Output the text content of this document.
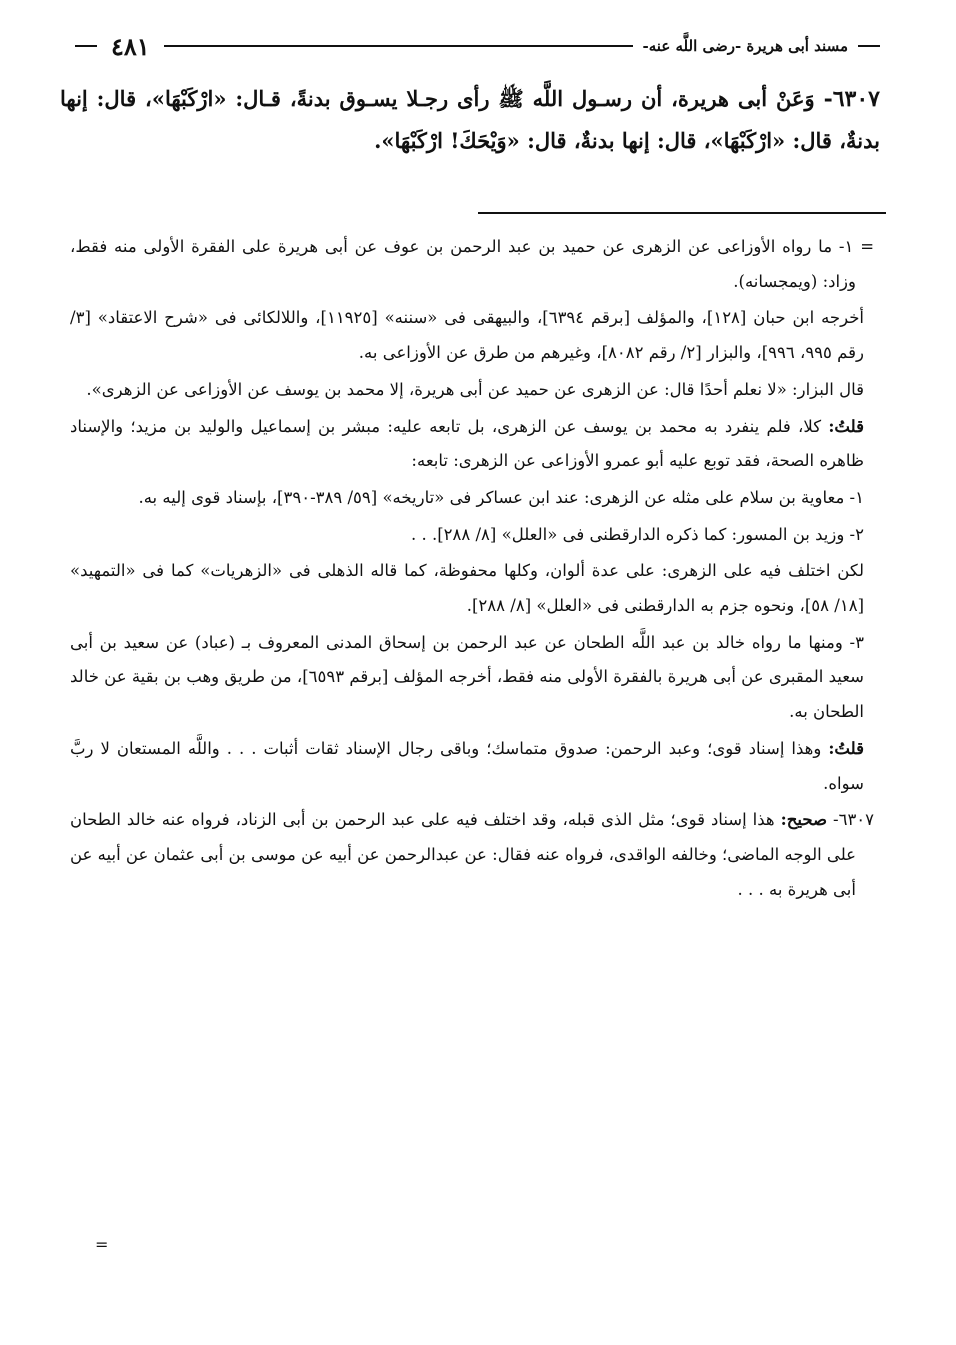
٤٨١	مسند أبى هريرة -رضى اللَّه عنه-
٦٣٠٧- وَعَنْ أبى هريرة، أن رسـول اللَّه ﷺ رأى رجـلا يسـوق بدنةً، قـال: «ارْكَبْهَا»، قال: إنها بدنةٌ، قال: «ارْكَبْهَا»، قال: إنها بدنةٌ، قال: «وَيْحَكَ! ارْكَبْهَا».

= ١- ما رواه الأوزاعى عن الزهرى عن حميد بن عبد الرحمن بن عوف عن أبى هريرة على الفقرة الأولى منه فقط، وزاد: (ويمجسانه).

أخرجه ابن حبان [١٢٨]، والمؤلف [برقم ٦٣٩٤]، والبيهقى فى «سننه» [١١٩٢٥]، واللالكائى فى «شرح الاعتقاد» [٣/ رقم ٩٩٥، ٩٩٦]، والبزار [٢/ رقم ٨٠٨٢]، وغيرهم من طرق عن الأوزاعى به.

قال البزار: «لا نعلم أحدًا قال: عن الزهرى عن حميد عن أبى هريرة، إلا محمد بن يوسف عن الأوزاعى عن الزهرى».

قلتُ: كلا، فلم ينفرد به محمد بن يوسف عن الزهرى، بل تابعه عليه: مبشر بن إسماعيل والوليد بن مزيد؛ والإسناد ظاهره الصحة، فقد توبع عليه أبو عمرو الأوزاعى عن الزهرى: تابعه:

١- معاوية بن سلام على مثله عن الزهرى: عند ابن عساكر فى «تاريخه» [٥٩/ ٣٨٩-٣٩٠]، بإسناد قوى إليه به.

٢- وزيد بن المسور: كما ذكره الدارقطنى فى «العلل» [٨/ ٢٨٨]. . .

لكن اختلف فيه على الزهرى: على عدة ألوان، وكلها محفوظة، كما قاله الذهلى فى «الزهريات» كما فى «التمهيد» [١٨/ ٥٨]، ونحوه جزم به الدارقطنى فى «العلل» [٨/ ٢٨٨].

٣- ومنها ما رواه خالد بن عبد اللَّه الطحان عن عبد الرحمن بن إسحاق المدنى المعروف بـ (عباد) عن سعيد بن أبى سعيد المقبرى عن أبى هريرة بالفقرة الأولى منه فقط، أخرجه المؤلف [برقم ٦٥٩٣]، من طريق وهب بن بقية عن خالد الطحان به.

قلتُ: وهذا إسناد قوى؛ وعبد الرحمن: صدوق متماسك؛ وباقى رجال الإسناد ثقات أثبات . . . واللَّه المستعان لا ربَّ سواه.

٦٣٠٧- صحيح: هذا إسناد قوى؛ مثل الذى قبله، وقد اختلف فيه على عبد الرحمن بن أبى الزناد، فرواه عنه خالد الطحان على الوجه الماضى؛ وخالفه الواقدى، فرواه عنه فقال: عن عبدالرحمن عن أبيه عن موسى بن أبى عثمان عن أبيه عن أبى هريرة به . . .

=
